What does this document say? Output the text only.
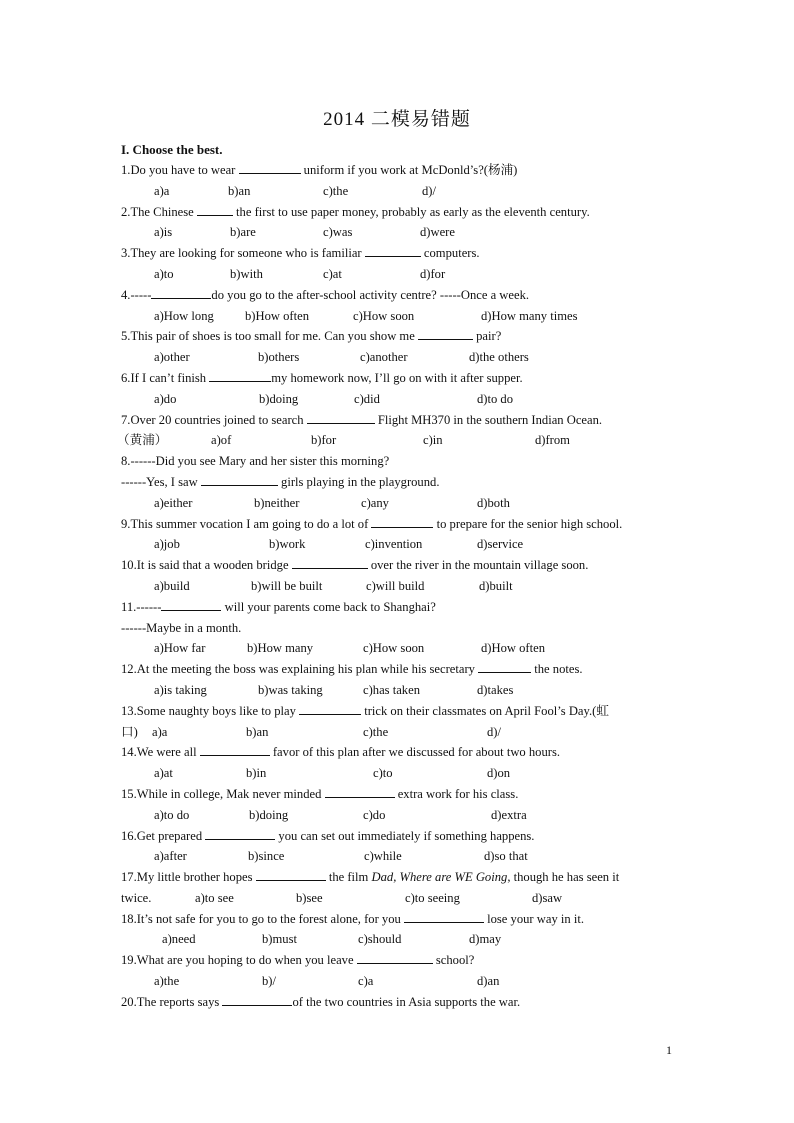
2014 二模易错题
I. Choose the best.
1.Do you have to wear	uniform if you work at McDonld’s?(杨浦)
a)a	b)an	c)the	d)/
2.The Chinese	the first to use paper money, probably as early as the eleventh century.
a)is	b)are	c)was	d)were
3.They are looking for someone who is familiar	computers.
a)to	b)with	c)at	d)for
4.-----	do you go to the after-school activity centre? -----Once a week.
a)How long b)How often	c)How soon	d)How many times
5.This pair of shoes is too small for me. Can you show me	pair?
a)other	b)others	c)another	d)the others
6.If I can’t finish	my homework now, I’ll go on with it after supper.
a)do	b)doing	c)did	d)to do
7.Over 20 countries joined to search	Flight MH370 in the southern Indian Ocean.
（黄浦）	a)of	b)for	c)in	d)from
8.------Did you see Mary and her sister this morning?
------Yes, I saw	girls playing in the playground.
a)either	b)neither	c)any	d)both
9.This summer vocation I am going to do a lot of	to prepare for the senior high school.
a)job	b)work	c)invention	d)service
10.It is said that a wooden bridge	over the river in the mountain village soon.
a)build	b)will be built	c)will build	d)built
11.------	will your parents come back to Shanghai?
------Maybe in a month.
a)How far	b)How many	c)How soon	d)How often
12.At the meeting the boss was explaining his plan while his secretary	the notes.
a)is taking	b)was taking	c)has taken	d)takes
13.Some naughty boys like to play	trick on their classmates on April Fool’s Day.(虹
口) a)a	b)an	c)the	d)/
14.We were all	favor of this plan after we discussed for about two hours.
a)at	b)in	c)to	d)on
15.While in college, Mak never minded	extra work for his class.
a)to do	b)doing	c)do	d)extra
16.Get prepared	you can set out immediately if something happens.
a)after	b)since	c)while	d)so that
17.My little brother hopes	the film Dad, Where are WE Going, though he has seen it
twice.	a)to see	b)see	c)to seeing	d)saw
18.It’s not safe for you to go to the forest alone, for you	lose your way in it.
a)need	b)must	c)should	d)may
19.What are you hoping to do when you leave	school?
a)the	b)/	c)a	d)an
20.The reports says	of the two countries in Asia supports the war.
1
